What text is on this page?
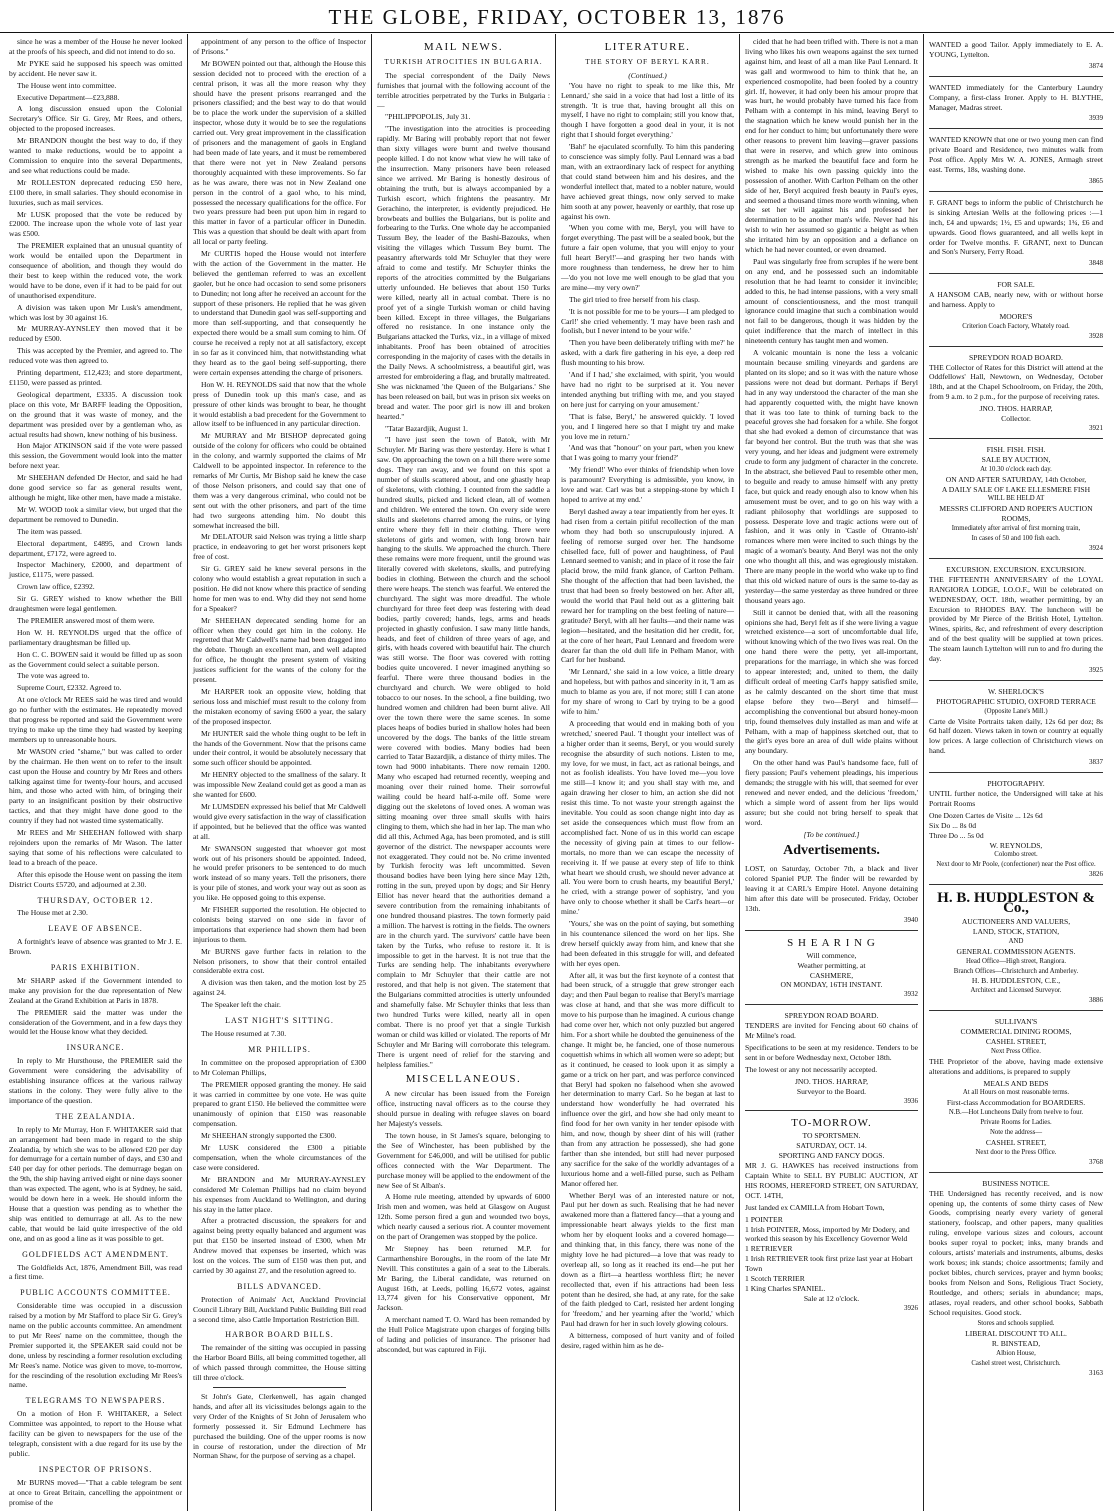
THE GLOBE, FRIDAY, OCTOBER 13, 1876

since he was a member of the House he never looked at the proofs of his speech, and did not intend to do so.

Mr PYKE said he supposed his speech was omitted by accident. He never saw it.

The House went into committee.

Executive Department—£23,888.

A long discussion ensued upon the Colonial Secretary's Office. Sir G. Grey, Mr Rees, and others, objected to the proposed increases.

Mr BRANDON thought the best way to do, if they wanted to make reductions, would be to appoint a Commission to enquire into the several Departments, and see what reductions could be made.

Mr ROLLESTON deprecated reducing £50 here, £100 there, in small salaries. They should economise in luxuries, such as mail services.

Mr LUSK proposed that the vote be reduced by £2000. The increase upon the whole vote of last year was £500.

The PREMIER explained that an unusual quantity of work would be entailed upon the Department in consequence of abolition, and though they would do their best to keep within the reduced vote, the work would have to be done, even if it had to be paid for out of unauthorised expenditure.

A division was taken upon Mr Lusk's amendment, which was lost by 30 against 16.

Mr MURRAY-AYNSLEY then moved that it be reduced by £500.

This was accepted by the Premier, and agreed to. The reduced vote was then agreed to.

Printing department, £12,423; and store department, £1150, were passed as printed.

Geological department, £3335. A discussion took place on this vote, Mr BARFF leading the Opposition, on the ground that it was waste of money, and the department was presided over by a gentleman who, as actual results had shown, knew nothing of his business.

Hon Major ATKINSON said if the vote were passed this session, the Government would look into the matter before next year.

Mr SHEEHAN defended Dr Hector, and said he had done good service so far as general results went, although he might, like other men, have made a mistake.

Mr W. WOOD took a similar view, but urged that the department be removed to Dunedin.

The item was passed.

Electoral department, £4895, and Crown lands department, £7172, were agreed to.

Inspector Machinery, £2000, and department of justice, £1175, were passed.

Crown law office, £2392.

Sir G. GREY wished to know whether the Bill draughtsmen were legal gentlemen.

The PREMIER answered most of them were.

Hon W. H. REYNOLDS urged that the office of parliamentary draughtsman be filled up.

Hon C. C. BOWEN said it would be filled up as soon as the Government could select a suitable person.

The vote was agreed to.

Supreme Court, £2332. Agreed to.

At one o'clock Mr REES said he was tired and would go no further with the estimates. He repeatedly moved that progress be reported and said the Government were trying to make up the time they had wasted by keeping members up to unreasonable hours.

Mr WASON cried "shame," but was called to order by the chairman. He then went on to refer to the insult cast upon the House and country by Mr Rees and others talking against time for twenty-four hours, and accused him, and those who acted with him, of bringing their party to an insignificant position by their obstructive tactics, and that they might have done good to the country if they had not wasted time systematically.

Mr REES and Mr SHEEHAN followed with sharp rejoinders upon the remarks of Mr Wason. The latter saying that some of his reflections were calculated to lead to a breach of the peace.

After this episode the House went on passing the item District Courts £5720, and adjourned at 2.30.

THURSDAY, OCTOBER 12.

The House met at 2.30.

LEAVE OF ABSENCE.

A fortnight's leave of absence was granted to Mr J. E. Brown.

PARIS EXHIBITION.

Mr SHARP asked if the Government intended to make any provision for the due representation of New Zealand at the Grand Exhibition at Paris in 1878.

The PREMIER said the matter was under the consideration of the Government, and in a few days they would let the House know what they decided.

INSURANCE.

In reply to Mr Hursthouse, the PREMIER said the Government were considering the advisability of establishing insurance offices at the various railway stations in the colony. They were fully alive to the importance of the question.

THE ZEALANDIA.

In reply to Mr Murray, Hon F. WHITAKER said that an arrangement had been made in regard to the ship Zealandia, by which she was to be allowed £20 per day for demurrage for a certain number of days, and £30 and £40 per day for other periods. The demurrage began on the 9th, the ship having arrived eight or nine days sooner than was expected. The agent, who is at Sydney, he said, would be down here in a week. He should inform the House that a question was pending as to whether the ship was entitled to demurrage at all. As to the new cable, that would be laid quite irrespective of the old one, and on as good a line as it was possible to get.

GOLDFIELDS ACT AMENDMENT.

The Goldfields Act, 1876, Amendment Bill, was read a first time.

PUBLIC ACCOUNTS COMMITTEE.

Considerable time was occupied in a discussion raised by a motion by Mr Stafford to place Sir G. Grey's name on the public accounts committee. An amendment to put Mr Rees' name on the committee, though the Premier supported it, the SPEAKER said could not be done, unless by rescinding a former resolution excluding Mr Rees's name. Notice was given to move, to-morrow, for the rescinding of the resolution excluding Mr Rees's name.

TELEGRAMS TO NEWSPAPERS.

On a motion of Hon F. WHITAKER, a Select Committee was appointed, to report to the House what facility can be given to newspapers for the use of the telegraph, consistent with a due regard for its use by the public.

INSPECTOR OF PRISONS.

Mr BURNS moved—"That a cable telegram be sent at once to Great Britain, cancelling the appointment or promise of the

appointment of any person to the office of Inspector of Prisons."

Mr BOWEN pointed out that, although the House this session decided not to proceed with the erection of a central prison, it was all the more reason why they should have the present prisons rearranged and the prisoners classified; and the best way to do that would be to place the work under the supervision of a skilled inspector, whose duty it would be to see the regulations carried out. Very great improvement in the classification of prisoners and the management of gaols in England had been made of late years, and it must be remembered that there were not yet in New Zealand persons thoroughly acquainted with these improvements. So far as he was aware, there was not in New Zealand one person in the control of a gaol who, to his mind, possessed the necessary qualifications for the office. For two years pressure had been put upon him in regard to this matter in favor of a particular officer in Dunedin. This was a question that should be dealt with apart from all local or party feeling.

Mr CURTIS hoped the House would not interfere with the action of the Government in the matter. He believed the gentleman referred to was an excellent gaoler, but he once had occasion to send some prisoners to Dunedin; not long after he received an account for the support of these prisoners. He replied that he was given to understand that Dunedin gaol was self-supporting and more than self-supporting, and that consequently he expected there would be a small sum coming to him. Of course he received a reply not at all satisfactory, except in so far as it convinced him, that notwithstanding what they heard as to the gaol being self-supporting, there were certain expenses attending the charge of prisoners.

Hon W. H. REYNOLDS said that now that the whole press of Dunedin took up this man's case, and as pressure of other kinds was brought to bear, he thought it would establish a bad precedent for the Government to allow itself to be influenced in any particular direction.

Mr MURRAY and Mr BISHOP deprecated going outside of the colony for officers who could be obtained in the colony, and warmly supported the claims of Mr Caldwell to be appointed inspector. In reference to the remarks of Mr Curtis, Mr Bishop said he knew the case of those Nelson prisoners, and could say that one of them was a very dangerous criminal, who could not be sent out with the other prisoners, and part of the time had two surgeons attending him. No doubt this somewhat increased the bill.

Mr DELATOUR said Nelson was trying a little sharp practice, in endeavoring to get her worst prisoners kept free of cost.

Sir G. GREY said he knew several persons in the colony who would establish a great reputation in such a position. He did not know where this practice of sending home for men was to end. Why did they not send home for a Speaker?

Mr SHEEHAN deprecated sending home for an officer when they could get him in the colony. He regretted that Mr Caldwell's name had been dragged into the debate. Though an excellent man, and well adapted for office, he thought the present system of visiting justices sufficient for the wants of the colony for the present.

Mr HARPER took an opposite view, holding that serious loss and mischief must result to the colony from the mistaken economy of saving £600 a year, the salary of the proposed inspector.

Mr HUNTER said the whole thing ought to be left in the hands of the Government. Now that the prisons came under their control, it would be absolutely necessary that some such officer should be appointed.

Mr HENRY objected to the smallness of the salary. It was impossible New Zealand could get as good a man as she wanted for £600.

Mr LUMSDEN expressed his belief that Mr Caldwell would give every satisfaction in the way of classification if appointed, but he believed that the office was wanted at all.

Mr SWANSON suggested that whoever got most work out of his prisoners should be appointed. Indeed, he would prefer prisoners to be sentenced to do much work instead of so many years. Tell the prisoners, there is your pile of stones, and work your way out as soon as you like. He opposed going to this expense.

Mr FISHER supported the resolution. He objected to colonists being starved on one side in favor of importations that experience had shown them had been injurious to them.

Mr BURNS gave further facts in relation to the Nelson prisoners, to show that their control entailed considerable extra cost.

A division was then taken, and the motion lost by 25 against 24.

The Speaker left the chair.

LAST NIGHT'S SITTING.

The House resumed at 7.30.

MR PHILLIPS.

In committee on the proposed appropriation of £300 to Mr Coleman Phillips,

The PREMIER opposed granting the money. He said it was carried in committee by one vote. He was quite prepared to grant £150. He believed the committee were unanimously of opinion that £150 was reasonable compensation.

Mr SHEEHAN strongly supported the £300.

Mr LUSK considered the £300 a pitiable compensation, when the whole circumstances of the case were considered.

Mr BRANDON and Mr MURRAY-AYNSLEY considered Mr Coleman Phillips had no claim beyond his expenses from Auckland to Wellington, and during his stay in the latter place.

After a protracted discussion, the speakers for and against being pretty equally balanced and argument was put that £150 be inserted instead of £300, when Mr Andrew moved that expenses be inserted, which was lost on the voices. The sum of £150 was then put, and carried by 30 against 27, and the resolution agreed to.

BILLS ADVANCED.

Protection of Animals' Act, Auckland Provincial Council Library Bill, Auckland Public Building Bill read a second time, also Cattle Importation Restriction Bill.

HARBOR BOARD BILLS.

The remainder of the sitting was occupied in passing the Harbor Board Bills, all being committed together, all of which passed through committee, the House sitting till three o'clock.

St John's Gate, Clerkenwell, has again changed hands, and after all its vicissitudes belongs again to the very Order of the Knights of St John of Jerusalem who formerly possessed it. Sir Edmund Lechmere has purchased the building. One of the upper rooms is now in course of restoration, under the direction of Mr Norman Shaw, for the purpose of serving as a chapel.

MAIL NEWS.
TURKISH ATROCITIES IN BULGARIA.

The special correspondent of the Daily News furnishes that journal with the following account of the terrible atrocities perpetrated by the Turks in Bulgaria :—

"PHILIPPOPOLIS, July 31.

"The investigation into the atrocities is proceeding rapidly. Mr Baring will probably report that not fewer than sixty villages were burnt and twelve thousand people killed. I do not know what view he will take of the insurrection. Many prisoners have been released since we arrived. Mr Baring is honestly desirous of obtaining the truth, but is always accompanied by a Turkish escort, which frightens the peasantry. Mr Gerachino, the interpreter, is evidently prejudiced. He browbeats and bullies the Bulgarians, but is polite and forbearing to the Turks. One whole day he accompanied Tussum Bey, the leader of the Bashi-Bazouks, when visiting the villages which Tussum Bey burnt. The peasantry afterwards told Mr Schuyler that they were afraid to come and testify. Mr Schuyler thinks the reports of the atrocities committed by the Bulgarians utterly unfounded. He believes that about 150 Turks were killed, nearly all in actual combat. There is no proof yet of a single Turkish woman or child having been killed. Except in three villages, the Bulgarians offered no resistance. In one instance only the Bulgarians attacked the Turks, viz., in a village of mixed inhabitants. Proof has been obtained of atrocities corresponding in the majority of cases with the details in the Daily News. A schoolmistress, a beautiful girl, was arrested for embroidering a flag, and brutally maltreated. She was nicknamed 'the Queen of the Bulgarians.' She has been released on bail, but was in prison six weeks on bread and water. The poor girl is now ill and broken hearted."

"Tatar Bazardjik, August 1.

"I have just seen the town of Batok, with Mr Schuyler. Mr Baring was there yesterday. Here is what I saw. On approaching the town on a hill there were some dogs. They ran away, and we found on this spot a number of skulls scattered about, and one ghastly heap of skeletons, with clothing. I counted from the saddle a hundred skulls, picked and licked clean, all of women and children. We entered the town. On every side were skulls and skeletons charred among the ruins, or lying entire where they fell in their clothing. There were skeletons of girls and women, with long brown hair hanging to the skulls. We approached the church. There these remains were more frequent, until the ground was literally covered with skeletons, skulls, and putrefying bodies in clothing. Between the church and the school there were heaps. The stench was fearful. We entered the churchyard. The sight was more dreadful. The whole churchyard for three feet deep was festering with dead bodies, partly covered; hands, legs, arms and heads projected in ghastly confusion. I saw many little hands, heads, and feet of children of three years of age, and girls, with heads covered with beautiful hair. The church was still worse. The floor was covered with rotting bodies quite uncovered. I never imagined anything so fearful. There were three thousand bodies in the churchyard and church. We were obliged to hold tobacco to our noses. In the school, a fine building, two hundred women and children had been burnt alive. All over the town there were the same scenes. In some places heaps of bodies buried in shallow holes had been uncovered by the dogs. The banks of the little stream were covered with bodies. Many bodies had been carried to Tatar Bazardjik, a distance of thirty miles. The town had 9000 inhabitants. There now remain 1200. Many who escaped had returned recently, weeping and moaning over their ruined home. Their sorrowful wailing could be heard half-a-mile off. Some were digging out the skeletons of loved ones. A woman was sitting moaning over three small skulls with hairs clinging to them, which she had in her lap. The man who did all this, Achmed Aga, has been promoted, and is still governor of the district. The newspaper accounts were not exaggerated. They could not be. No crime invented by Turkish ferocity was left uncommitted. Seven thousand bodies have been lying here since May 12th, rotting in the sun, preyed upon by dogs; and Sir Henry Elliot has never heard that the authorities demand a severe contribution from the remaining inhabitants of one hundred thousand piastres. The town formerly paid a million. The harvest is rotting in the fields. The owners are in the church yard. The survivors' cattle have been taken by the Turks, who refuse to restore it. It is impossible to get in the harvest. It is not true that the Turks are sending help. The inhabitants everywhere complain to Mr Schuyler that their cattle are not restored, and that help is not given. The statement that the Bulgarians committed atrocities is utterly unfounded and shamefully false. Mr Schuyler thinks that less than two hundred Turks were killed, nearly all in open combat. There is no proof yet that a single Turkish woman or child was killed or violated. The reports of Mr Schuyler and Mr Baring will corroborate this telegram. There is urgent need of relief for the starving and helpless families."

MISCELLANEOUS.

A new circular has been issued from the Foreign office, instructing naval officers as to the course they should pursue in dealing with refugee slaves on board her Majesty's vessels.

The town house, in St James's square, belonging to the See of Winchester, has been published by the Government for £46,000, and will be utilised for public offices connected with the War Department. The purchase money will be applied to the endowment of the new See of St Alban's.

A Home rule meeting, attended by upwards of 6000 Irish men and women, was held at Glasgow on August 12th. Some person fired a gun and wounded two boys, which nearly caused a serious riot. A counter movement on the part of Orangemen was stopped by the police.

Mr Stepney has been returned M.P. for Carmarthenshire Boroughs, in the room of the late Mr Nevill. This constitutes a gain of a seat to the Liberals. Mr Baring, the Liberal candidate, was returned on August 16th, at Leeds, polling 16,672 votes, against 13,774 given for his Conservative opponent, Mr Jackson.

A merchant named T. O. Ward has been remanded by the Hull Police Magistrate upon charges of forging bills of lading and policies of insurance. The prisoner had absconded, but was captured in Fiji.

LITERATURE.
THE STORY OF BERYL KARR.
(Continued.)

'You have no right to speak to me like this, Mr Lennard,' she said in a voice that had lost a little of its strength. 'It is true that, having brought all this on myself, I have no right to complain; still you know that, though I have forgotten a good deal in your, it is not right that I should forget everything.'

'Bah!' he ejaculated scornfully. To him this pandering to conscience was simply folly. Paul Lennard was a bad man, with an extraordinary lack of respect for anything that could stand between him and his desires, and the wonderful intellect that, mated to a nobler nature, would have achieved great things, now only served to make him sooth at any power, heavenly or earthly, that rose up against his own.

'When you come with me, Beryl, you will have to forget everything. The past will be a sealed book, but the future a fair open volume, that you will enjoy to your full heart Beryl!'—and grasping her two hands with more roughness than tenderness, he drew her to him—'do you not love me well enough to be glad that you are mine—my very own?'

The girl tried to free herself from his clasp.

'It is not possible for me to be yours—I am pledged to Carl!' she cried vehemently. 'I may have been rash and foolish, but I never intend to be your wife.'

'Then you have been deliberately trifling with me?' he asked, with a dark fire gathering in his eye, a deep red flush mounting to his brow.

'And if I had,' she exclaimed, with spirit, 'you would have had no right to be surprised at it. You never intended anything but trifling with me, and you stayed on here just for carrying on your amusement.'

'That is false, Beryl,' he answered quickly. 'I loved you, and I lingered here so that I might try and make you love me in return.'

'And was that "honour" on your part, when you knew that I was going to marry your friend?'

'My friend!' Who ever thinks of friendship when love is paramount? Everything is admissible, you know, in love and war. Carl was but a stepping-stone by which I hoped to arrive at my end.'

Beryl dashed away a tear impatiently from her eyes. It had risen from a certain pitiful recollection of the man whom they had both so unscrupulously injured. A feeling of remorse surged over her. The handsome chiselled face, full of power and haughtiness, of Paul Lennard seemed to vanish; and in place of it rose the fair placid brow, the mild frank glance, of Carlton Pelham. She thought of the affection that had been lavished, the trust that had been so freely bestowed on her. After all, would the world that Paul held out as a glittering bait reward her for trampling on the best feeling of nature—gratitude? Beryl, with all her faults—and their name was legion—hesitated, and the hesitation did her credit, for, at the core of her heart, Paul Lennard and freedom were dearer far than the old dull life in Pelham Manor, with Carl for her husband.

'Mr Lennard,' she said in a low voice, a little dreary and hopeless, but with pathos and sincerity in it, 'I am as much to blame as you are, if not more; still I can atone for my share of wrong to Carl by trying to be a good wife to him.'

A proceeding that would end in making both of you wretched,' sneered Paul. 'I thought your intellect was of a higher order than it seems, Beryl, or you would surely recognise the absurdity of such notions. Listen to me, my love, for we must, in fact, act as rational beings, and not as foolish idealists. You have loved me—you love me still—I know it; and you shall stay with me, and again drawing her closer to him, an action she did not resist this time. To not waste your strength against the inevitable. You could as soon change night into day as set aside the consequences which must flow from an accomplished fact. None of us in this world can escape the necessity of giving pain at times to our fellow-mortals, no more than we can escape the necessity of receiving it. If we pause at every step of life to think what heart we should crush, we should never advance at all. You were born to crush hearts, my beautiful Beryl,' he cried, with a strange power of sophistry, 'and you have only to choose whether it shall be Carl's heart—or mine.'

'Yours,' she was on the point of saying, but something in his countenance silenced the word on her lips. She drew herself quickly away from him, and knew that she had been defeated in this struggle for will, and defeated with her eyes open.

After all, it was but the first keynote of a contest that had been struck, of a struggle that grew stronger each day; and then Paul began to realise that Beryl's marriage was close at hand, and that she was more difficult to move to his purpose than he imagined. A curious change had come over her, which not only puzzled but angered him. For a short while he doubted the genuineness of the change. It might be, he fancied, one of those numerous coquettish whims in which all women were so adept; but as it continued, he ceased to look upon it as simply a game or a trick on her part, and was perforce convinced that Beryl had spoken no falsehood when she avowed her determination to marry Carl. So he began at last to understand how wonderfully he had overrated his influence over the girl, and how she had only meant to find food for her own vanity in her tender episode with him, and now, though by sheer dint of his will (rather than from any attraction he possessed), she had gone farther than she intended, but still had never purposed any sacrifice for the sake of the worldly advantages of a luxurious home and a well-filled purse, such as Pelham Manor offered her.

Whether Beryl was of an interested nature or not, Paul put her down as such. Realising that he had never awakened more than a flattered fancy—that a young and impressionable heart always yields to the first man whom her by eloquent looks and a covered homage—and thinking that, in this fancy, there was none of the mighty love he had pictured—a love that was ready to overleap all, so long as it reached its end—he put her down as a flirt—a heartless worthless flirt; he never recollected that, even if his attractions had been less potent than he desired, she had, at any rate, for the sake of the faith pledged to Carl, resisted her ardent longing for 'freedom,' and her yearning after the 'world,' which Paul had drawn for her in such lovely glowing colours.

A bitterness, composed of hurt vanity and of foiled desire, raged within him as he de-

cided that he had been trifled with. There is not a man living who likes his own weapons against the sex turned against him, and least of all a man like Paul Lennard. It was gall and wormwood to him to think that he, an experienced cosmopolite, had been fooled by a country girl. If, however, it had only been his amour propre that was hurt, he would probably have turned his face from Pelham with a contempt in his mind, leaving Beryl to the stagnation which he knew would punish her in the end for her conduct to him; but unfortunately there were other reasons to prevent him leaving—graver passions that were in reserve, and which grew into ominous strength as he marked the beautiful face and form he wished to make his own passing quickly into the possession of another. With Carlton Pelham on the other side of her, Beryl acquired fresh beauty in Paul's eyes, and seemed a thousand times more worth winning, when she set her will against his and professed her determination to be another man's wife. Never had his wish to win her assumed so gigantic a height as when she irritated him by an opposition and a defiance on which he had never counted, or even dreamed.

Paul was singularly free from scruples if he were bent on any end, and he possessed such an indomitable resolution that he had learnt to consider it invincible; added to this, he had intense passions, with a very small amount of conscientiousness, and the most tranquil ignorance could imagine that such a combination would not fail to be dangerous, though it was hidden by the quiet indifference that the march of intellect in this nineteenth century has taught men and women.

A volcanic mountain is none the less a volcanic mountain because smiling vineyards and gardens are planted on its slope; and so it was with the nature whose passions were not dead but dormant. Perhaps if Beryl had in any way understood the character of the man she had apparently coquetted with, the might have known that it was too late to think of turning back to the peaceful groves she had forsaken for a while. She forgot that she had evoked a demon of circumstance that was far beyond her control. But the truth was that she was very young, and her ideas and judgment were extremely crude to form any judgment of character in the concrete. In the abstract, she believed Paul to resemble other men, to beguile and ready to amuse himself with any pretty face, but quick and ready enough also to know when his amusement must be over, and to go on his way with a radiant philosophy that worldlings are supposed to possess. Desperate love and tragic actions were out of fashion, and it was only in 'Castle of Otranto-ish' romances where men were incited to such things by the magic of a woman's beauty. And Beryl was not the only one who thought all this, and was egregiously mistaken. There are many people in the world who wake up to find that this old wicked nature of ours is the same to-day as yesterday—the same yesterday as three hundred or three thousand years ago.

Still it cannot be denied that, with all the reasoning opinions she had, Beryl felt as if she were living a vague wretched existence—a sort of uncomfortable dual life, without knowing which of the two lives was real. On the one hand there were the petty, yet all-important, preparations for the marriage, in which she was forced to appear interested; and, united to them, the daily difficult ordeal of meeting Carl's happy satisfied smile, as he calmly descanted on the short time that must elapse before they two—Beryl and himself—accomplishing the conventional but absurd honey-moon trip, found themselves duly installed as man and wife at Pelham, with a map of happiness sketched out, that to the girl's eyes bore an area of dull wide plains without any boundary.

On the other hand was Paul's handsome face, full of fiery passion; Paul's vehement pleadings, his imperious demands; the struggle with his will, that seemed for ever renewed and never ended, and the delicious 'freedom,' which a simple word of assent from her lips would assure; but she could not bring herself to speak that word.

[To be continued.]
Advertisements.

LOST, on Saturday, October 7th, a black and liver colored Spaniel PUP. The finder will be rewarded by leaving it at CARL's Empire Hotel. Anyone detaining him after this date will be prosecuted. Friday, October 13th.

3940
S H E A R I N G
Will commence,
Weather permitting, at
CASHMERE,
ON MONDAY, 16TH INSTANT.
3932
SPREYDON ROAD BOARD.

TENDERS are invited for Fencing about 60 chains of Mr Milne's road.

Specifications to be seen at my residence. Tenders to be sent in or before Wednesday next, October 18th.

The lowest or any not necessarily accepted.

JNO. THOS. HARRAP,
Surveyor to the Board.
3936
TO-MORROW.
TO SPORTSMEN.
SATURDAY, OCT. 14.
SPORTING AND FANCY DOGS.

MR J. G. HAWKES has received instructions from Captain White to SELL BY PUBLIC AUCTION, AT HIS ROOMS, HEREFORD STREET, ON SATURDAY, OCT. 14TH,

Just landed ex CAMILLA from Hobart Town,

1 POINTER
1 Irish POINTER, Moss, imported by Mr Dodery, and worked this season by his Excellency Governor Weld
1 RETRIEVER
1 Irish RETRIEVER took first prize last year at Hobart Town
1 Scotch TERRIER
1 King Charles SPANIEL.
Sale at 12 o'clock.
3926

WANTED a good Tailor. Apply immediately to E. A. YOUNG, Lyttelton.

3874

WANTED immediately for the Canterbury Laundry Company, a first-class Ironer. Apply to H. BLYTHE, Manager, Madras street.

3939

WANTED KNOWN that one or two young men can find private Board and Residence, two minutes walk from Post office. Apply Mrs W. A. JONES, Armagh street east. Terms, 18s, washing done.

3865

F. GRANT begs to inform the public of Christchurch he is sinking Artesian Wells at the following prices :—1 inch, £4 and upwards; 1½, £5 and upwards; 1¾, £6 and upwards. Good flows guaranteed, and all wells kept in order for Twelve months. F. GRANT, next to Duncan and Son's Nursery, Ferry Road.

3848
FOR SALE.

A HANSOM CAB, nearly new, with or without horse and harness. Apply to

MOORE'S
Criterion Coach Factory, Whately road.
3928
SPREYDON ROAD BOARD.

THE Collector of Rates for this District will attend at the Oddfellows' Hall, Newtown, on Wednesday, October 18th, and at the Chapel Schoolroom, on Friday, the 20th, from 9 a.m. to 2 p.m., for the purpose of receiving rates.

JNO. THOS. HARRAP,
Collector.
3921
FISH. FISH. FISH.
SALE BY AUCTION,
At 10.30 o'clock each day.
ON AND AFTER SATURDAY, 14th October,
A DAILY SALE OF LAKE ELLESMERE FISH
WILL BE HELD AT
MESSRS CLIFFORD AND ROPER'S AUCTION ROOMS,
Immediately after arrival of first morning train,
In cases of 50 and 100 fish each.
3924
EXCURSION. EXCURSION. EXCURSION.

THE FIFTEENTH ANNIVERSARY of the LOYAL RANGIORA LODGE, I.O.O.F., Will be celebrated on WEDNESDAY, OCT. 18th, weather permitting, by an Excursion to RHODES BAY. The luncheon will be provided by Mr Pierce of the British Hotel, Lyttelton. Wines, spirits, &c, and refreshment of every description and of the best quality will be supplied at town prices. The steam launch Lyttelton will run to and fro during the day.

3925
W. SHERLOCK'S
PHOTOGRAPHIC STUDIO, OXFORD TERRACE
(Opposite Lane's Mill.)

Carte de Visite Portraits taken daily, 12s 6d per doz; 8s 6d half dozen. Views taken in town or country at equally low prices. A large collection of Christchurch views on hand.

3837
PHOTOGRAPHY.

UNTIL further notice, the Undersigned will take at his Portrait Rooms

One Dozen Cartes de Visite ... 12s 6d
Six Do ... 8s 0d
Three Do ... 5s 0d
W. REYNOLDS,
Colombo street.
Next door to Mr Poole, (confectioner) near the Post office.
3826
H. B. HUDDLESTON & Co.,
AUCTIONEERS AND VALUERS,
LAND, STOCK, STATION,
AND
GENERAL COMMISSION AGENTS.
Head Office—High street, Rangiora.
Branch Offices—Christchurch and Amberley.
H. B. HUDDLESTON, C.E.,
Architect and Licensed Surveyor.
3886
SULLIVAN'S
COMMERCIAL DINING ROOMS,
CASHEL STREET,
Next Press Office.

THE Proprietor of the above, having made extensive alterations and additions, is prepared to supply

MEALS AND BEDS
At all Hours on most reasonable terms.
First-class Accommodation for BOARDERS.
N.B.—Hot Luncheons Daily from twelve to four.
Private Rooms for Ladies.
Note the address—
CASHEL STREET,
Next door to the Press Office.
3768
BUSINESS NOTICE.

THE Undersigned has recently received, and is now opening up, the contents of some thirty cases of New Goods, comprising nearly every variety of general stationery, foolscap, and other papers, many qualities ruling, envelope various sizes and colours, account books super royal to pocket; inks, many brands and colours, artists' materials and instruments, albums, desks work boxes; ink stands; choice assortments; family and pocket bibles, church services, prayer and hymn books; books from Nelson and Sons, Religious Tract Society, Routledge, and others; serials in abundance; maps, atlases, royal readers, and other school books, Sabbath School requisites. Good stock.

Stores and schools supplied.
LIBERAL DISCOUNT TO ALL.
R. BINSTEAD,
Albion House,
Cashel street west, Christchurch.
3163
